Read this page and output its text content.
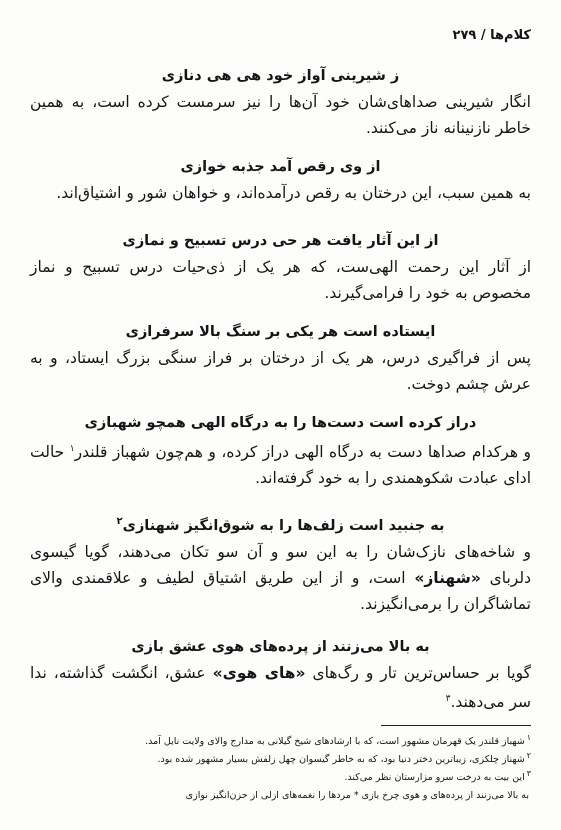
کلام‌ها / ۲۷۹

ز شیرینی آواز خود هی هی دنازی

انگار شیرینی صداهای‌شان خود آن‌ها را نیز سرمست کرده است، به همین خاطر نازنینانه ناز می‌کنند.

از وی رقص آمد جذبه خوازی

به همین سبب، این درختان به رقص درآمده‌اند، و خواهان شور و اشتیاق‌اند.

از این آثار یافت هر حی درس تسبیح و نمازی

از آثار این رحمت الهی‌ست، که هر یک از ذی‌حیات درس تسبیح و نماز مخصوص به خود را فرامی‌گیرند.

ایستاده است هر یکی بر سنگ بالا سرفرازی

پس از فراگیری درس، هر یک از درختان بر فراز سنگی بزرگ ایستاد، و به عرش چشم دوخت.

دراز کرده است دست‌ها را به درگاه الهی همچو شهبازی

و هرکدام صداها دست به درگاه الهی دراز کرده، و هم‌چون شهباز قلندر$^۱$ حالت ادای عبادت شکوهمندی را به خود گرفته‌اند.

به جنبید است زلف‌ها را به شوق‌انگیز شهنازی$^۲$

و شاخه‌های نازک‌شان را به این سو و آن سو تکان می‌دهند، گویا گیسوی دلربای «شهناز» است، و از این طریق اشتیاق لطیف و علاقمندی والای تماشاگران را برمی‌انگیزند.

به بالا می‌زنند از پرده‌های هوی عشق بازی

گویا بر حساس‌ترین تار و رگ‌های «های هوی» عشق، انگشت گذاشته، ندا سر می‌دهند.$^۳$

$^۱$شهباز قلندر یک قهرمان مشهور است، که با ارشادهای شیخ گیلانی به مدارج والای ولایت نایل آمد.

$^۲$شهناز چلکزی، زیباترین دختر دنیا بود، که به خاطر گیسوان چهل زلفش بسیار مشهور شده بود.

$^۳$این بیت به درخت سرو مزارستان نظر می‌کند.

به بالا می‌زنند از پرده‌های و هوی چرخ بازی * مردها را نغمه‌های ازلی از حزن‌انگیز نوازی
